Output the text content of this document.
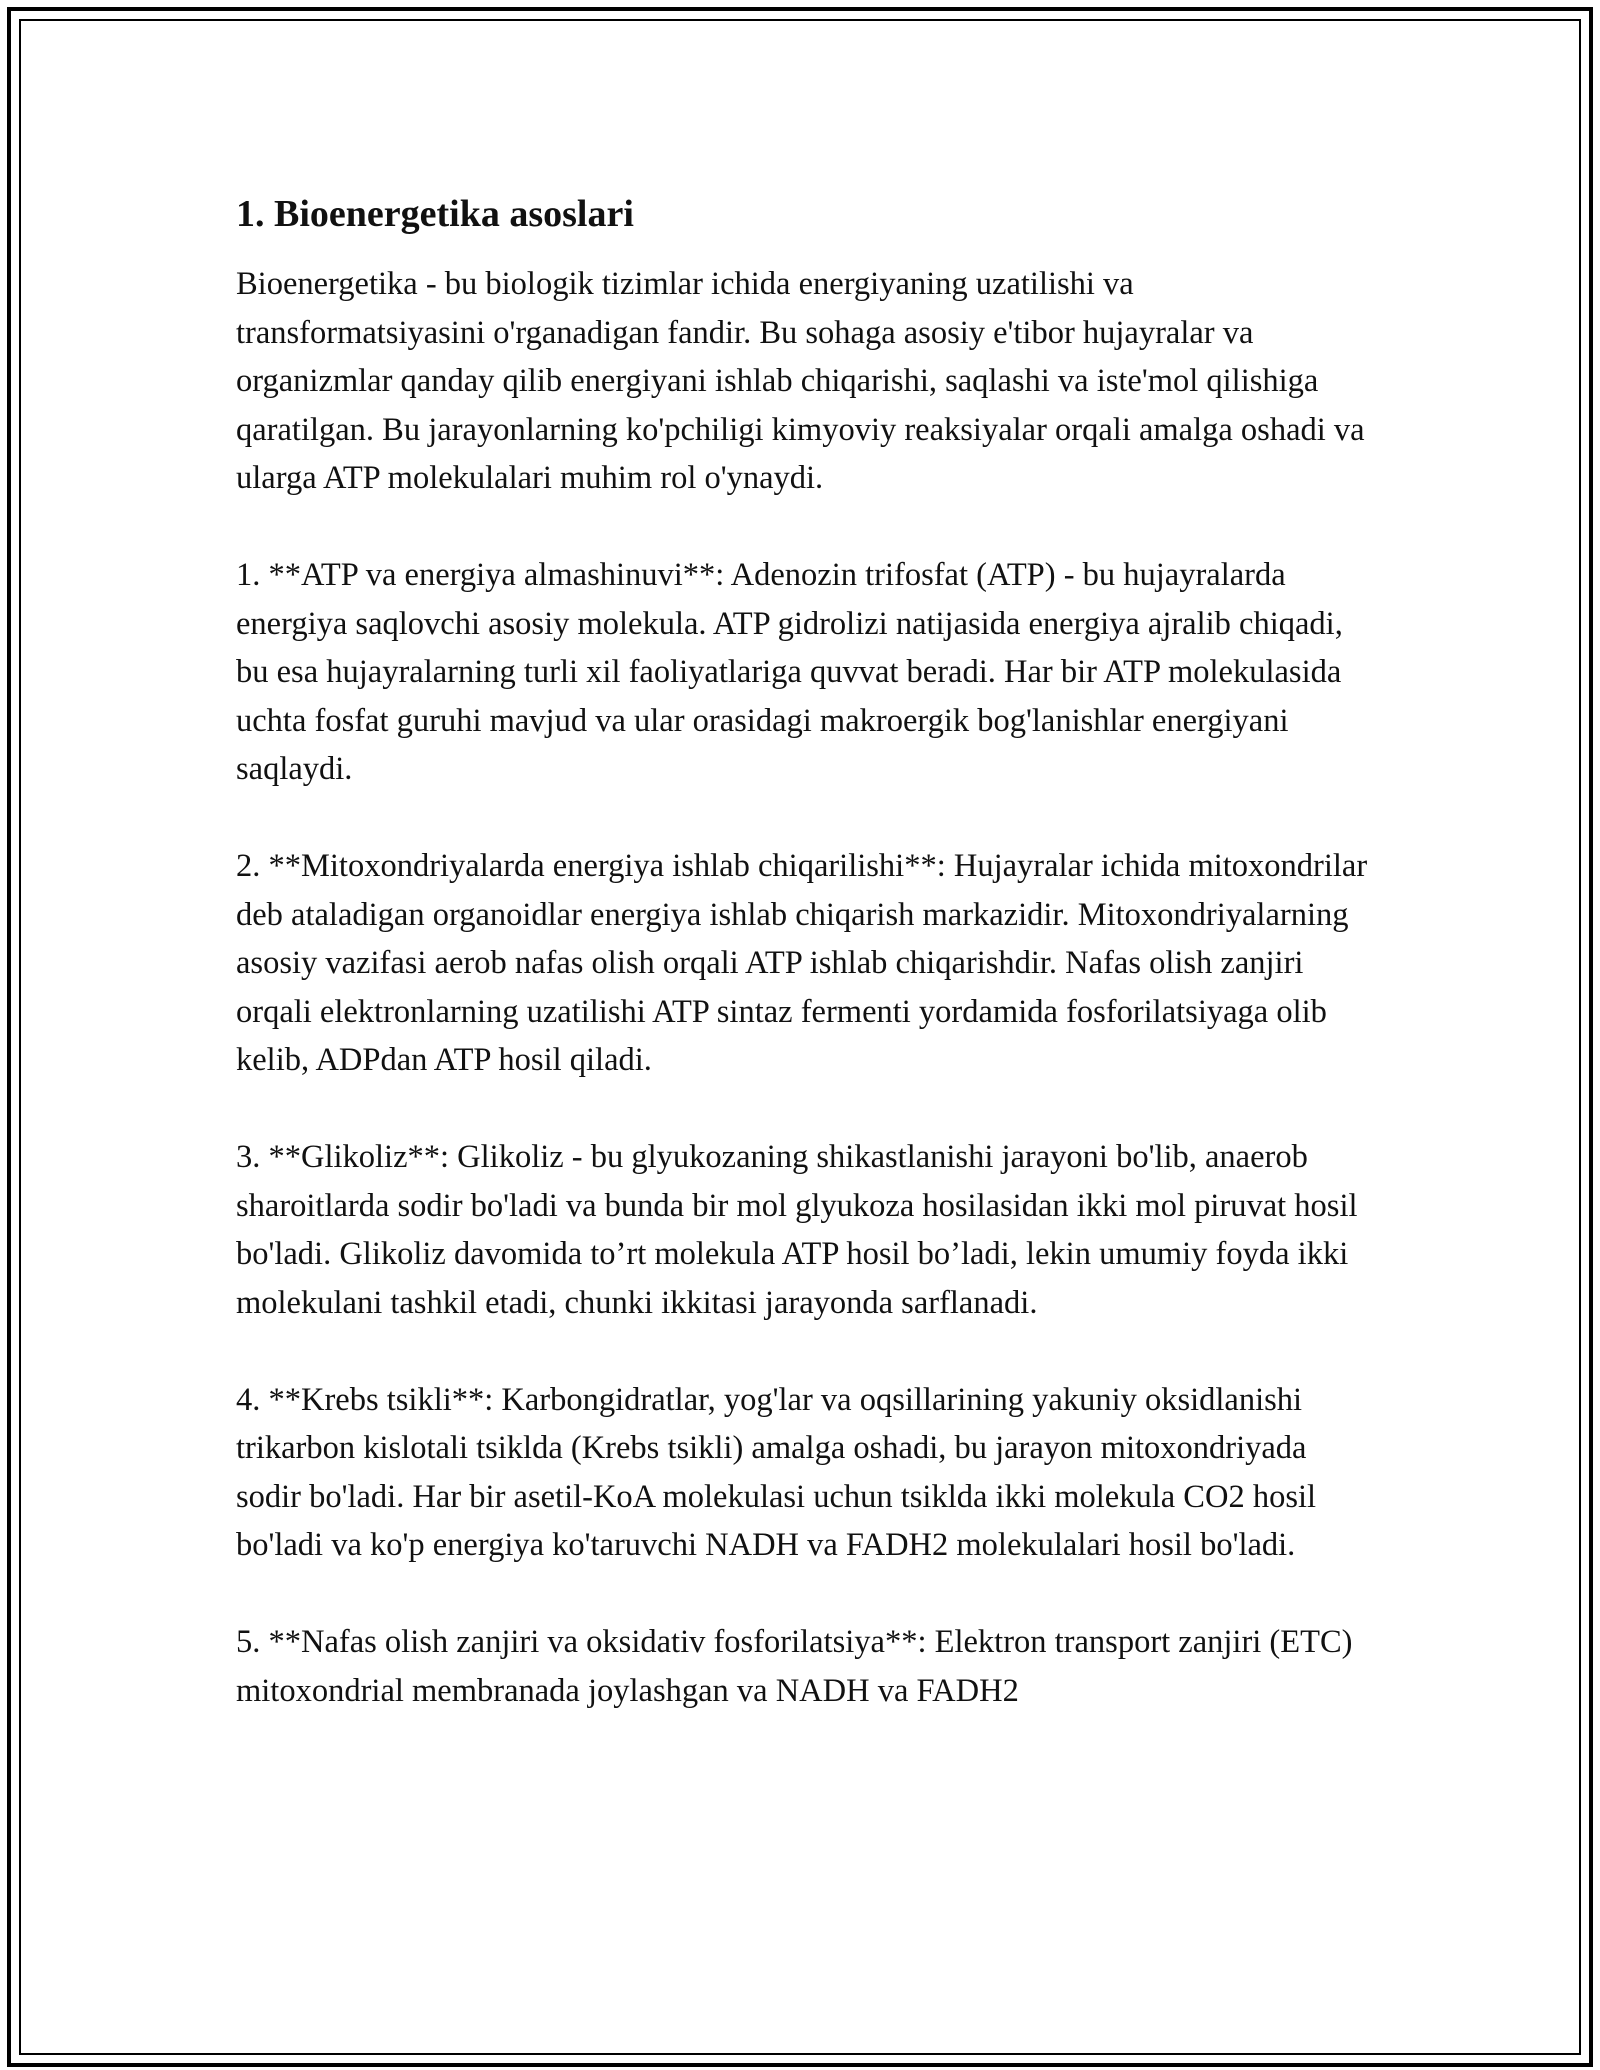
1. Bioenergetika asoslari

Bioenergetika - bu biologik tizimlar ichida energiyaning uzatilishi va transformatsiyasini o'rganadigan fandir. Bu sohaga asosiy e'tibor hujayralar va organizmlar qanday qilib energiyani ishlab chiqarishi, saqlashi va iste'mol qilishiga qaratilgan. Bu jarayonlarning ko'pchiligi kimyoviy reaksiyalar orqali amalga oshadi va ularga ATP molekulalari muhim rol o'ynaydi.

1. **ATP va energiya almashinuvi**: Adenozin trifosfat (ATP) - bu hujayralarda energiya saqlovchi asosiy molekula. ATP gidrolizi natijasida energiya ajralib chiqadi, bu esa hujayralarning turli xil faoliyatlariga quvvat beradi. Har bir ATP molekulasida uchta fosfat guruhi mavjud va ular orasidagi makroergik bog'lanishlar energiyani saqlaydi.

2. **Mitoxondriyalarda energiya ishlab chiqarilishi**: Hujayralar ichida mitoxondrilar deb ataladigan organoidlar energiya ishlab chiqarish markazidir. Mitoxondriyalarning asosiy vazifasi aerob nafas olish orqali ATP ishlab chiqarishdir. Nafas olish zanjiri orqali elektronlarning uzatilishi ATP sintaz fermenti yordamida fosforilatsiyaga olib kelib, ADPdan ATP hosil qiladi.

3. **Glikoliz**: Glikoliz - bu glyukozaning shikastlanishi jarayoni bo'lib, anaerob sharoitlarda sodir bo'ladi va bunda bir mol glyukoza hosilasidan ikki mol piruvat hosil bo'ladi. Glikoliz davomida to’rt molekula ATP hosil bo’ladi, lekin umumiy foyda ikki molekulani tashkil etadi, chunki ikkitasi jarayonda sarflanadi.

4. **Krebs tsikli**: Karbongidratlar, yog'lar va oqsillarining yakuniy oksidlanishi trikarbon kislotali tsiklda (Krebs tsikli) amalga oshadi, bu jarayon mitoxondriyada sodir bo'ladi. Har bir asetil-KoA molekulasi uchun tsiklda ikki molekula CO2 hosil bo'ladi va ko'p energiya ko'taruvchi NADH va FADH2 molekulalari hosil bo'ladi.

5. **Nafas olish zanjiri va oksidativ fosforilatsiya**: Elektron transport zanjiri (ETC) mitoxondrial membranada joylashgan va NADH va FADH2
